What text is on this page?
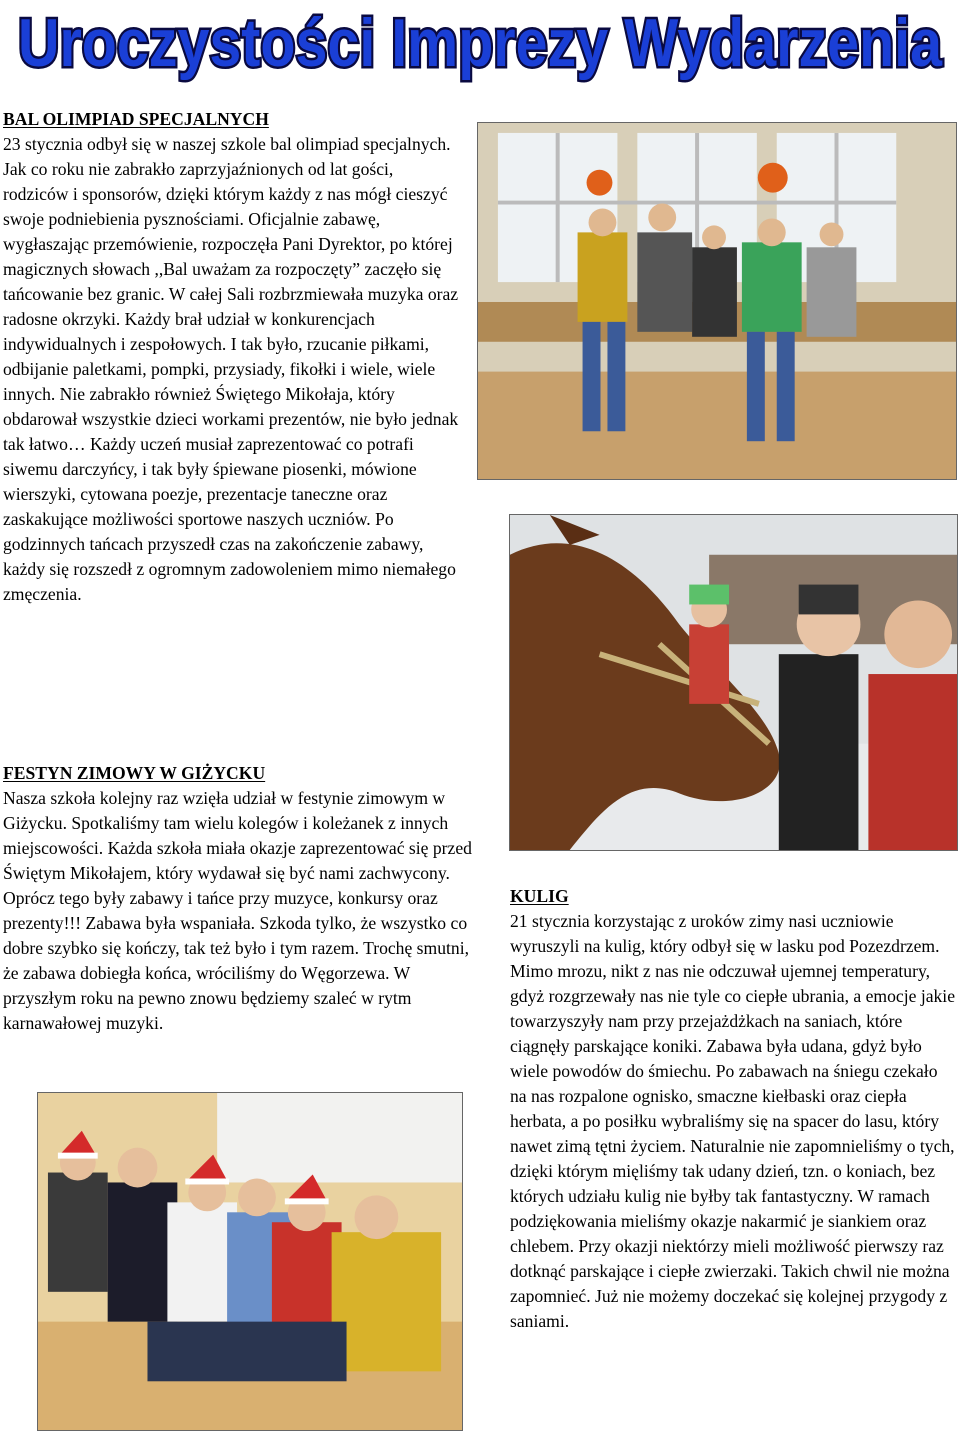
Uroczystości Imprezy Wydarzenia
BAL OLIMPIAD SPECJALNYCH

23 stycznia odbył się w naszej szkole bal olimpiad specjalnych. Jak co roku nie zabrakło zaprzyjaźnionych od lat gości, rodziców i sponsorów, dzięki którym każdy z nas mógł cieszyć swoje podniebienia pysznościami. Oficjalnie zabawę, wygłaszając przemówienie, rozpoczęła Pani Dyrektor, po której magicznych słowach ,,Bal uważam za rozpoczęty” zaczęło się tańcowanie bez granic. W całej Sali rozbrzmiewała muzyka oraz radosne okrzyki. Każdy brał udział w konkurencjach indywidualnych i zespołowych. I tak było, rzucanie piłkami, odbijanie paletkami, pompki, przysiady, fikołki i wiele, wiele innych. Nie zabrakło również Świętego Mikołaja, który obdarował wszystkie dzieci workami prezentów, nie było jednak tak łatwo… Każdy uczeń musiał zaprezentować co potrafi siwemu darczyńcy, i tak były śpiewane piosenki, mówione wierszyki, cytowana poezje, prezentacje taneczne oraz zaskakujące możliwości sportowe naszych uczniów. Po godzinnych tańcach przyszedł czas na zakończenie zabawy, każdy się rozszedł z ogromnym zadowoleniem mimo niemałego zmęczenia.

FESTYN ZIMOWY W GIŻYCKU

Nasza szkoła kolejny raz wzięła udział w festynie zimowym w Giżycku. Spotkaliśmy tam wielu kolegów i koleżanek z innych miejscowości. Każda szkoła miała okazje zaprezentować się przed Świętym Mikołajem, który wydawał się być nami zachwycony. Oprócz tego były zabawy i tańce przy muzyce, konkursy oraz prezenty!!! Zabawa była wspaniała. Szkoda tylko, że wszystko co dobre szybko się kończy, tak też było i tym razem. Trochę smutni, że zabawa dobiegła końca, wróciliśmy do Węgorzewa. W przyszłym roku na pewno znowu będziemy szaleć w rytm karnawałowej muzyki.

KULIG

21 stycznia korzystając z uroków zimy nasi uczniowie wyruszyli na kulig, który odbył się w lasku pod Pozezdrzem. Mimo mrozu, nikt z nas nie odczuwał ujemnej temperatury, gdyż rozgrzewały nas nie tyle co ciepłe ubrania, a emocje jakie towarzyszyły nam przy przejażdżkach na saniach, które ciągnęły parskające koniki. Zabawa była udana, gdyż było wiele powodów do śmiechu. Po zabawach na śniegu czekało na nas rozpalone ognisko, smaczne kiełbaski oraz ciepła herbata, a po posiłku wybraliśmy się na spacer do lasu, który nawet zimą tętni życiem. Naturalnie nie zapomnieliśmy o tych, dzięki którym mięliśmy tak udany dzień, tzn. o koniach, bez których udziału kulig nie byłby tak fantastyczny. W ramach podziękowania mieliśmy okazje nakarmić je siankiem oraz chlebem. Przy okazji niektórzy mieli możliwość pierwszy raz dotknąć parskające i ciepłe zwierzaki. Takich chwil nie można zapomnieć. Już nie możemy doczekać się kolejnej przygody z saniami.
